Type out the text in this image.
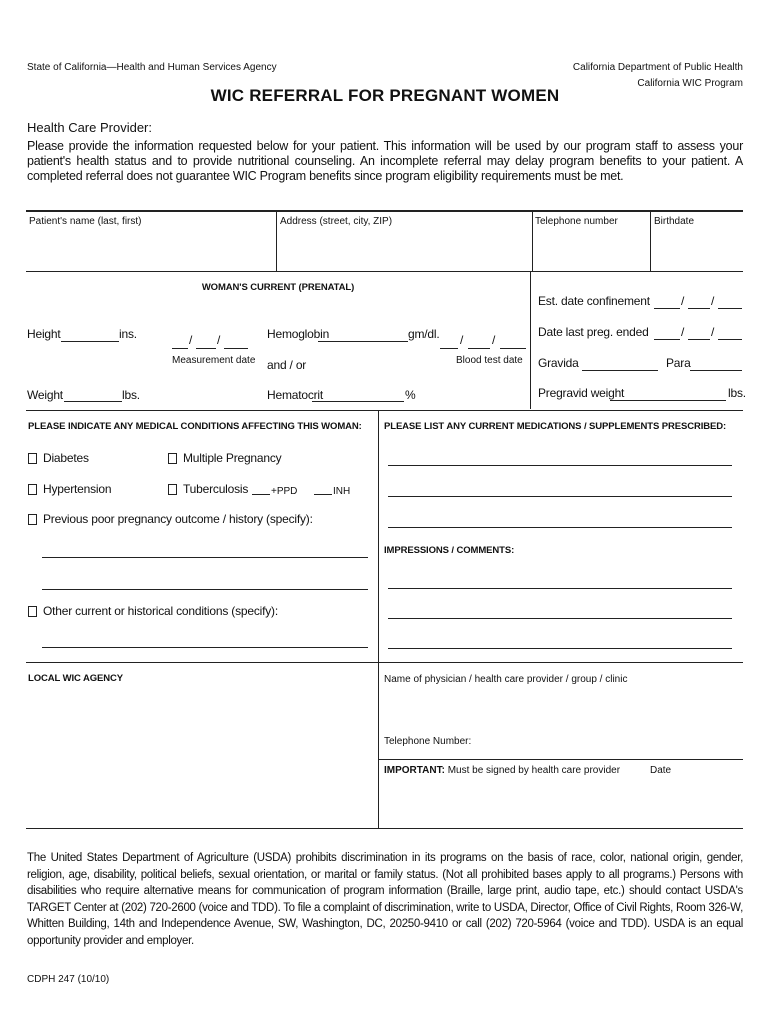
State of California—Health and Human Services Agency	California Department of Public Health
California WIC Program
WIC REFERRAL FOR PREGNANT WOMEN
Health Care Provider:
Please provide the information requested below for your patient. This information will be used by our program staff to assess your patient's health status and to provide nutritional counseling. An incomplete referral may delay program benefits to your patient. A completed referral does not guarantee WIC Program benefits since program eligibility requirements must be met.
Patient's name (last, first)	Address (street, city, ZIP)	Telephone number	Birthdate
WOMAN'S CURRENT (PRENATAL)
Height	ins.	/ /
Measurement date
Weight	lbs.
Hemoglobin	gm/dl. / /
Blood test date
and / or
Hematocrit	%
Est. date confinement	/ /
Date last preg. ended	/ /
Gravida	Para
Pregravid weight	lbs.
PLEASE INDICATE ANY MEDICAL CONDITIONS AFFECTING THIS WOMAN:
Diabetes	Multiple Pregnancy
Hypertension	Tuberculosis +PPD	INH
Previous poor pregnancy outcome / history (specify):
Other current or historical conditions (specify):
PLEASE LIST ANY CURRENT MEDICATIONS / SUPPLEMENTS PRESCRIBED:
IMPRESSIONS / COMMENTS:
LOCAL WIC AGENCY	Name of physician / health care provider / group / clinic
Telephone Number:
IMPORTANT: Must be signed by health care provider	Date
The United States Department of Agriculture (USDA) prohibits discrimination in its programs on the basis of race, color, national origin, gender, religion, age, disability, political beliefs, sexual orientation, or marital or family status. (Not all prohibited bases apply to all programs.) Persons with disabilities who require alternative means for communication of program information (Braille, large print, audio tape, etc.) should contact USDA's TARGET Center at (202) 720-2600 (voice and TDD). To file a complaint of discrimination, write to USDA, Director, Office of Civil Rights, Room 326-W, Whitten Building, 14th and Independence Avenue, SW, Washington, DC, 20250-9410 or call (202) 720-5964 (voice and TDD). USDA is an equal opportunity provider and employer.
CDPH 247 (10/10)
